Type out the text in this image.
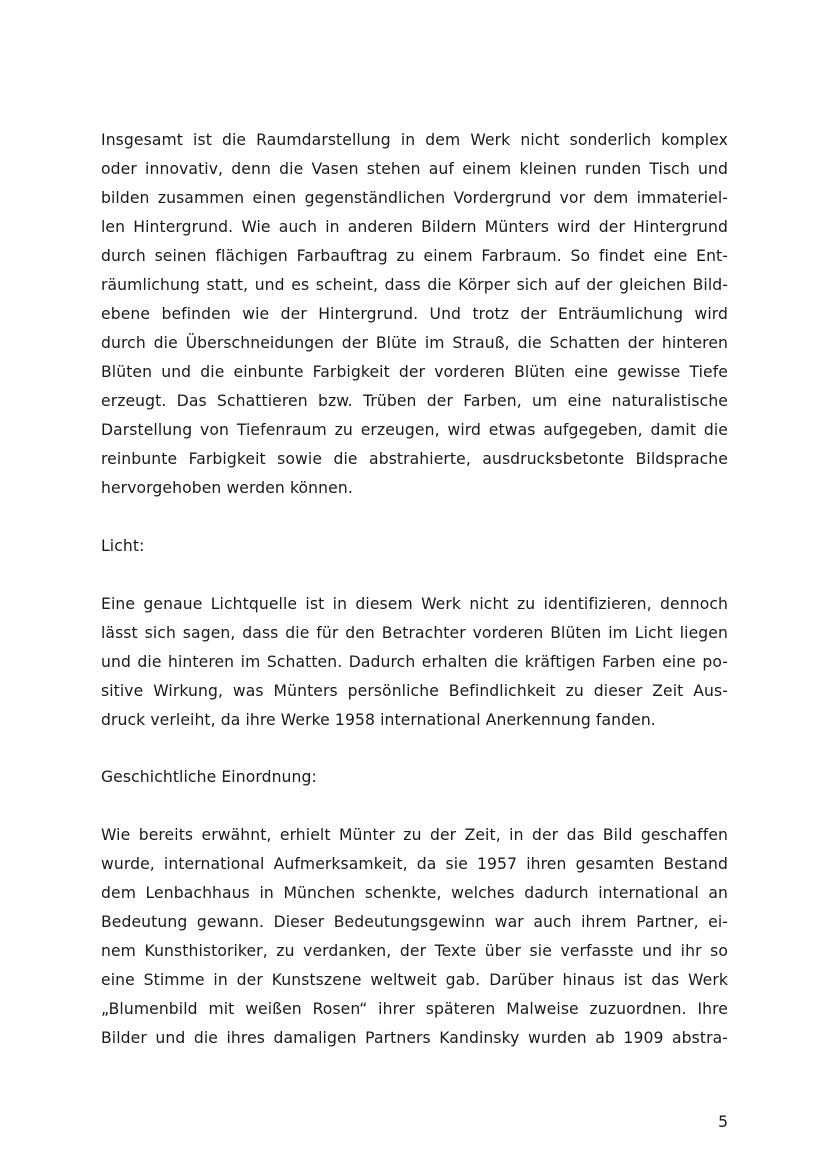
Insgesamt ist die Raumdarstellung in dem Werk nicht sonderlich komplex
oder innovativ, denn die Vasen stehen auf einem kleinen runden Tisch und
bilden zusammen einen gegenständlichen Vordergrund vor dem immateriel-
len Hintergrund. Wie auch in anderen Bildern Münters wird der Hintergrund
durch seinen flächigen Farbauftrag zu einem Farbraum. So findet eine Ent-
räumlichung statt, und es scheint, dass die Körper sich auf der gleichen Bild-
ebene befinden wie der Hintergrund. Und trotz der Enträumlichung wird
durch die Überschneidungen der Blüte im Strauß, die Schatten der hinteren
Blüten und die einbunte Farbigkeit der vorderen Blüten eine gewisse Tiefe
erzeugt. Das Schattieren bzw. Trüben der Farben, um eine naturalistische
Darstellung von Tiefenraum zu erzeugen, wird etwas aufgegeben, damit die
reinbunte Farbigkeit sowie die abstrahierte, ausdrucksbetonte Bildsprache
hervorgehoben werden können.
Licht:
Eine genaue Lichtquelle ist in diesem Werk nicht zu identifizieren, dennoch
lässt sich sagen, dass die für den Betrachter vorderen Blüten im Licht liegen
und die hinteren im Schatten. Dadurch erhalten die kräftigen Farben eine po-
sitive Wirkung, was Münters persönliche Befindlichkeit zu dieser Zeit Aus-
druck verleiht, da ihre Werke 1958 international Anerkennung fanden.
Geschichtliche Einordnung:
Wie bereits erwähnt, erhielt Münter zu der Zeit, in der das Bild geschaffen
wurde, international Aufmerksamkeit, da sie 1957 ihren gesamten Bestand
dem Lenbachhaus in München schenkte, welches dadurch international an
Bedeutung gewann. Dieser Bedeutungsgewinn war auch ihrem Partner, ei-
nem Kunsthistoriker, zu verdanken, der Texte über sie verfasste und ihr so
eine Stimme in der Kunstszene weltweit gab. Darüber hinaus ist das Werk
„Blumenbild mit weißen Rosen“ ihrer späteren Malweise zuzuordnen. Ihre
Bilder und die ihres damaligen Partners Kandinsky wurden ab 1909 abstra-
5
